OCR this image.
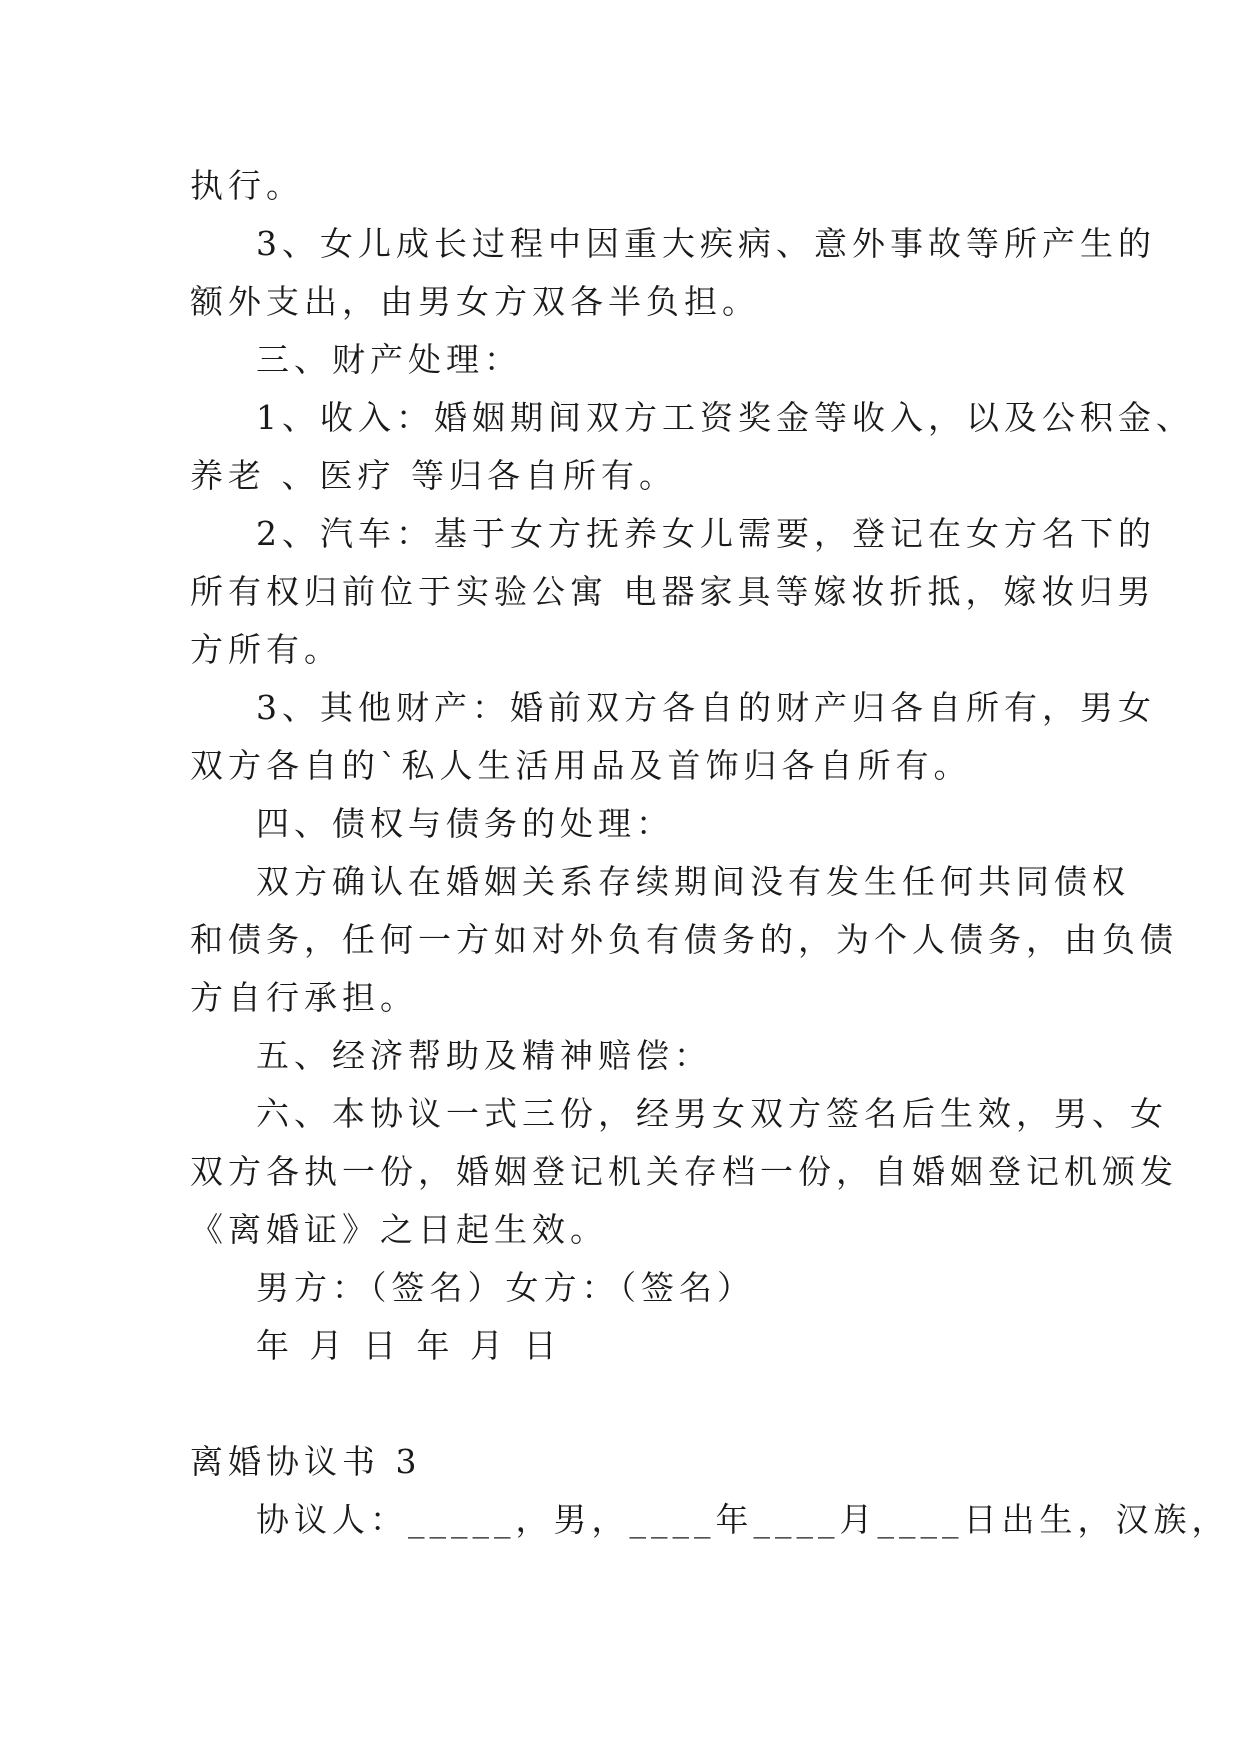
执行。
3、女儿成长过程中因重大疾病、意外事故等所产生的
额外支出，由男女方双各半负担。
三、财产处理：
1、收入：婚姻期间双方工资奖金等收入，以及公积金、
养老 、医疗 等归各自所有。
2、汽车：基于女方抚养女儿需要，登记在女方名下的
所有权归前位于实验公寓 电器家具等嫁妆折抵，嫁妆归男
方所有。
3、其他财产：婚前双方各自的财产归各自所有，男女
双方各自的`私人生活用品及首饰归各自所有。
四、债权与债务的处理：
双方确认在婚姻关系存续期间没有发生任何共同债权
和债务，任何一方如对外负有债务的，为个人债务，由负债
方自行承担。
五、经济帮助及精神赔偿：
六、本协议一式三份，经男女双方签名后生效，男、女
双方各执一份，婚姻登记机关存档一份，自婚姻登记机颁发
《离婚证》之日起生效。
男方：（签名）女方：（签名）
年 月 日 年 月 日
离婚协议书 3
协议人：_____，男，____年____月____日出生，汉族，
